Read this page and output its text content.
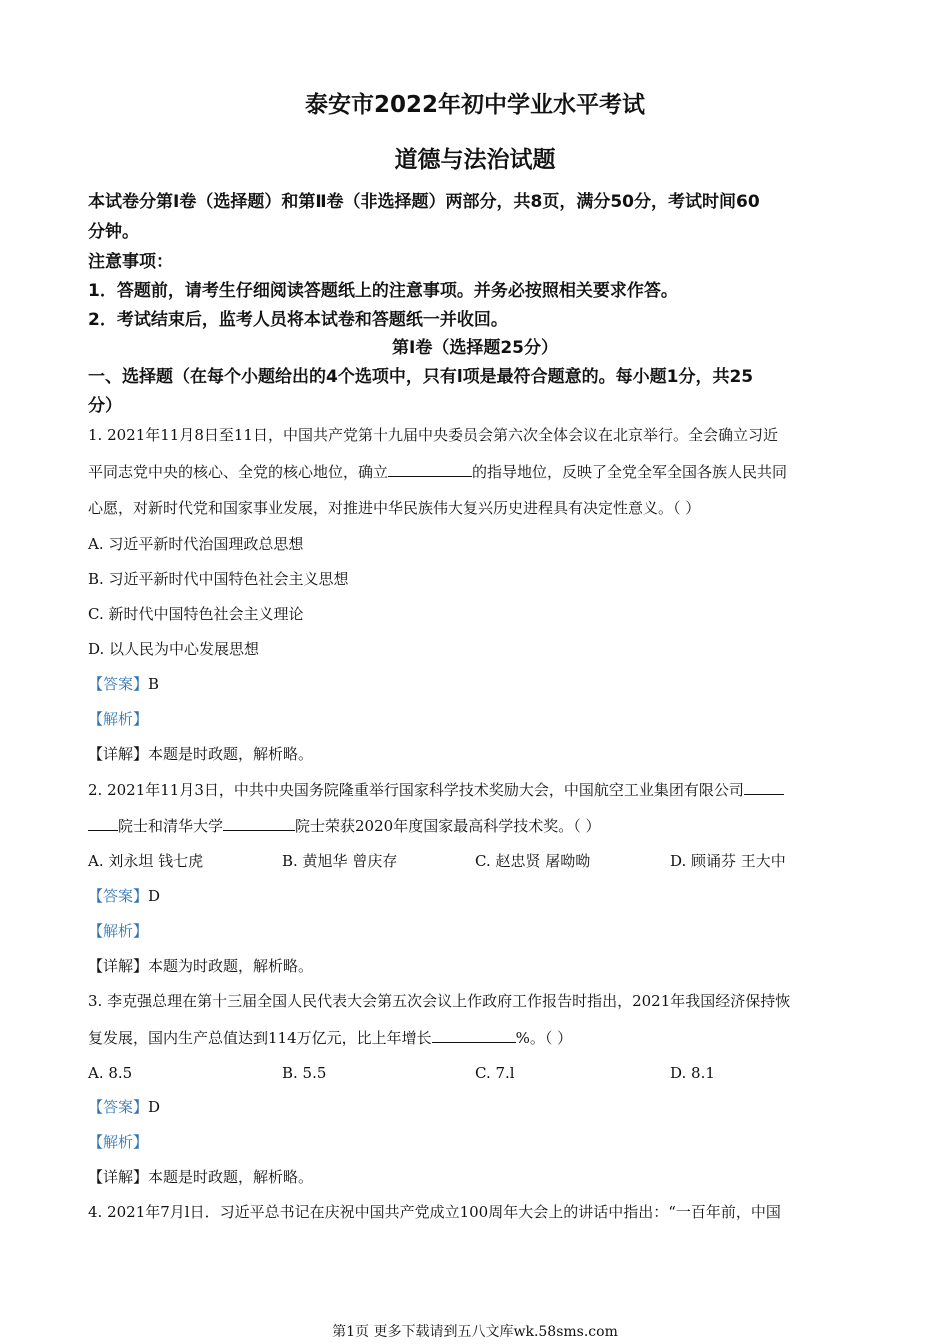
泰安市2022年初中学业水平考试
道德与法治试题
本试卷分第Ⅰ卷（选择题）和第Ⅱ卷（非选择题）两部分，共8页，满分50分，考试时间60
分钟。
注意事项：
1．答题前，请考生仔细阅读答题纸上的注意事项。并务必按照相关要求作答。
2．考试结束后，监考人员将本试卷和答题纸一并收回。
第Ⅰ卷（选择题25分）
一、选择题（在每个小题给出的4个选项中，只有l项是最符合题意的。每小题1分，共25
分）
1. 2021年11月8日至11日，中国共产党第十九届中央委员会第六次全体会议在北京举行。全会确立习近
平同志党中央的核心、全党的核心地位，确立	的指导地位，反映了全党全军全国各族人民共同
心愿，对新时代党和国家事业发展，对推进中华民族伟大复兴历史进程具有决定性意义。（ ）
A. 习近平新时代治国理政总思想
B. 习近平新时代中国特色社会主义思想
C. 新时代中国特色社会主义理论
D. 以人民为中心发展思想
【答案】B
【解析】
【详解】本题是时政题，解析略。
2. 2021年11月3日，中共中央国务院隆重举行国家科学技术奖励大会，中国航空工业集团有限公司
院士和清华大学	院士荣获2020年度国家最高科学技术奖。（ ）
A. 刘永坦 钱七虎	B. 黄旭华 曾庆存	C. 赵忠贤 屠呦呦	D. 顾诵芬 王大中
【答案】D
【解析】
【详解】本题为时政题，解析略。
3. 李克强总理在第十三届全国人民代表大会第五次会议上作政府工作报告时指出，2021年我国经济保持恢
复发展，国内生产总值达到114万亿元，比上年增长	%。（ ）
A. 8.5	B. 5.5	C. 7.l	D. 8.1
【答案】D
【解析】
【详解】本题是时政题，解析略。
4. 2021年7月l日．习近平总书记在庆祝中国共产党成立100周年大会上的讲话中指出：“一百年前，中国
第1页 更多下载请到五八文库wk.58sms.com
